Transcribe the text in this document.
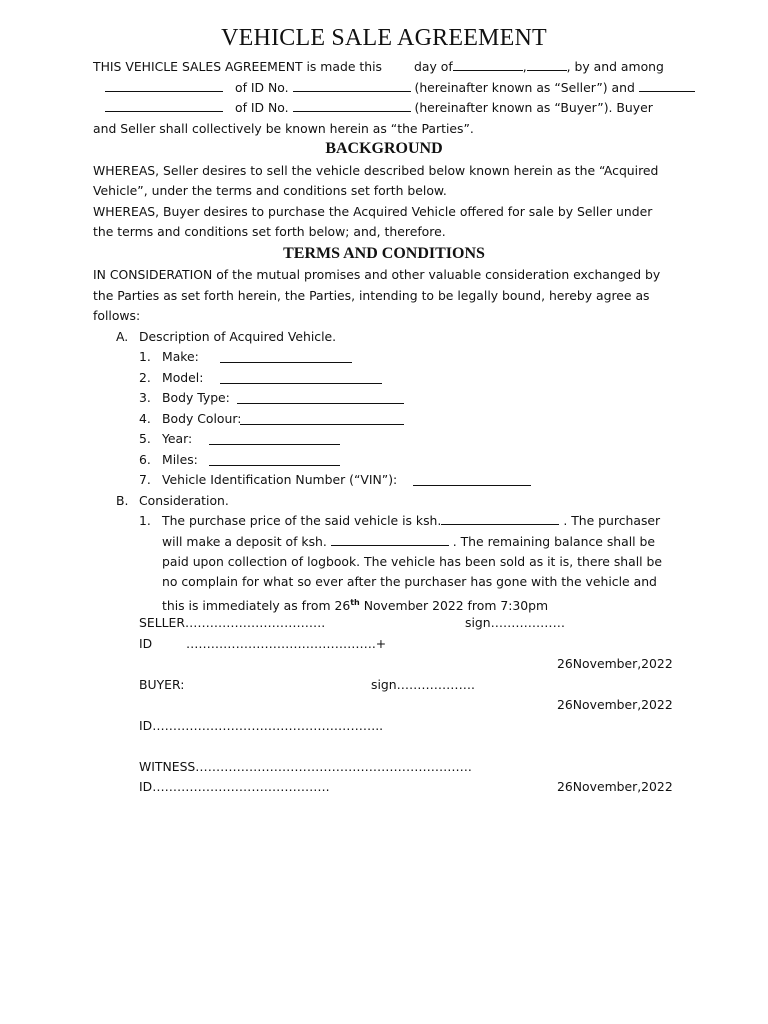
VEHICLE SALE AGREEMENT
THIS VEHICLE SALES AGREEMENT is made this	day of	,	, by and among
of ID No.	(hereinafter known as “Seller”) and
of ID No.	(hereinafter known as “Buyer”). Buyer
and Seller shall collectively be known herein as “the Parties”.
BACKGROUND
WHEREAS, Seller desires to sell the vehicle described below known herein as the “Acquired
Vehicle”, under the terms and conditions set forth below.
WHEREAS, Buyer desires to purchase the Acquired Vehicle offered for sale by Seller under
the terms and conditions set forth below; and, therefore.
TERMS AND CONDITIONS
IN CONSIDERATION of the mutual promises and other valuable consideration exchanged by
the Parties as set forth herein, the Parties, intending to be legally bound, hereby agree as
follows:
A. Description of Acquired Vehicle.
1. Make:
2. Model:
3. Body Type:
4. Body Colour:
5. Year:
6. Miles:
7. Vehicle Identification Number (“VIN”):
B. Consideration.
1. The purchase price of the said vehicle is ksh.	. The purchaser
will make a deposit of ksh.	. The remaining balance shall be
paid upon collection of logbook. The vehicle has been sold as it is, there shall be
no complain for what so ever after the purchaser has gone with the vehicle and
this is immediately as from 26th November 2022 from 7:30pm
SELLER…………………………….	sign………………
ID	……………………………………….+
26November,2022
BUYER:	sign……………….
26November,2022
ID………………………………………………..
WITNESS………………………………………………………….
ID…………………………………….	26November,2022
